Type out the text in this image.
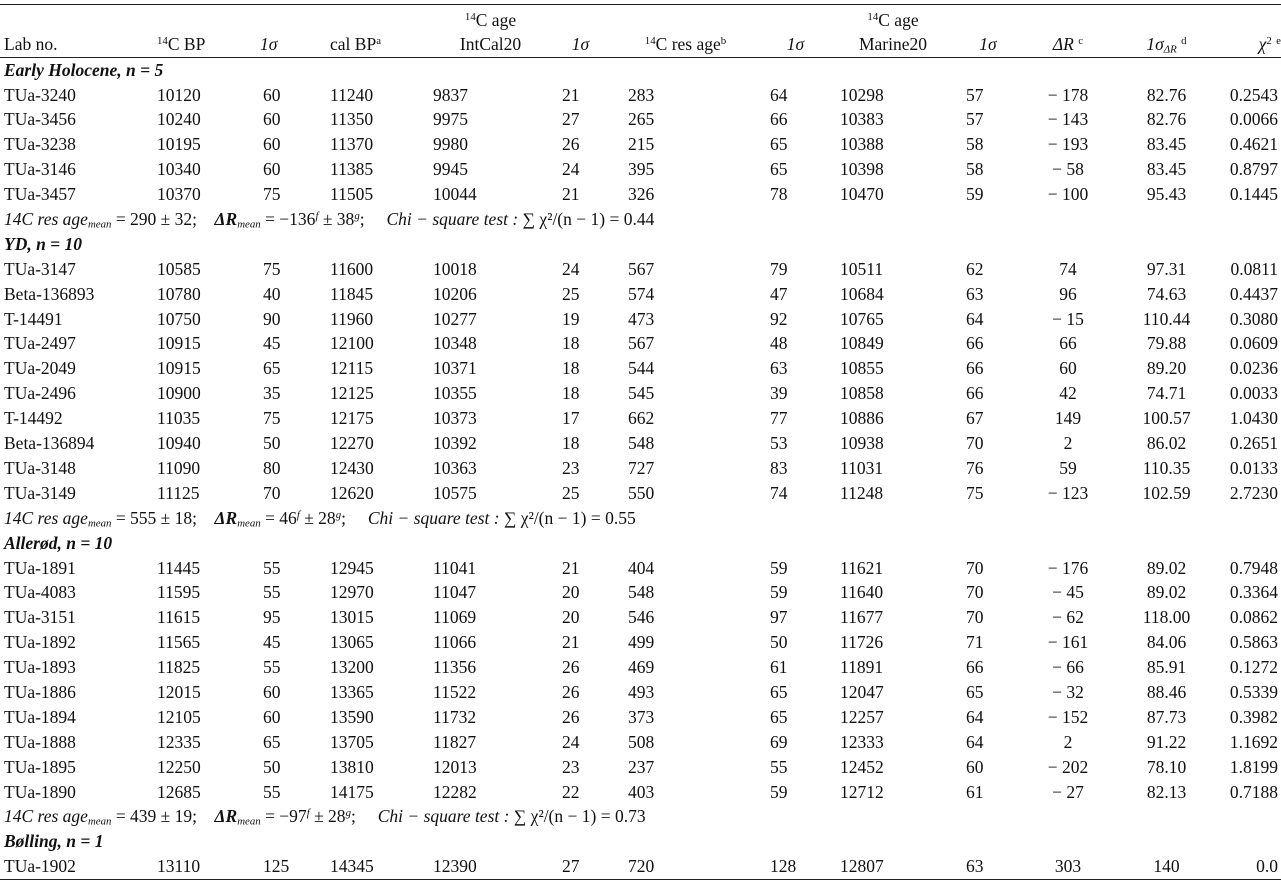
				$^{14}$C age				$^{14}$C age				
Lab no.	$^{14}$C BP	1σ	cal $BP^a$	IntCal20	1σ	$^{14}$C res age$^b$	1σ	Marine20	1σ	ΔR $^c$	$1\sigma_{\Delta R}$ $^d$	$\chi^2$ $^e$
Early Holocene, n = 5												
TUa-3240	10120	60	11240	9837	21	283	64	10298	57	− 178	82.76	0.2543
TUa-3456	10240	60	11350	9975	27	265	66	10383	57	− 143	82.76	0.0066
TUa-3238	10195	60	11370	9980	26	215	65	10388	58	− 193	83.45	0.4621
TUa-3146	10340	60	11385	9945	24	395	65	10398	58	− 58	83.45	0.8797
TUa-3457	10370	75	11505	10044	21	326	78	10470	59	− 100	95.43	0.1445
14C res age$_{mean}$ = 290 ± 32; $\Delta R_{mean} = -136^f \pm 38^g$;     Chi − square test : ∑ χ²/(n − 1) = 0.44												
YD, n = 10												
TUa-3147	10585	75	11600	10018	24	567	79	10511	62	74	97.31	0.0811
Beta-136893	10780	40	11845	10206	25	574	47	10684	63	96	74.63	0.4437
T-14491	10750	90	11960	10277	19	473	92	10765	64	− 15	110.44	0.3080
TUa-2497	10915	45	12100	10348	18	567	48	10849	66	66	79.88	0.0609
TUa-2049	10915	65	12115	10371	18	544	63	10855	66	60	89.20	0.0236
TUa-2496	10900	35	12125	10355	18	545	39	10858	66	42	74.71	0.0033
T-14492	11035	75	12175	10373	17	662	77	10886	67	149	100.57	1.0430
Beta-136894	10940	50	12270	10392	18	548	53	10938	70	2	86.02	0.2651
TUa-3148	11090	80	12430	10363	23	727	83	11031	76	59	110.35	0.0133
TUa-3149	11125	70	12620	10575	25	550	74	11248	75	− 123	102.59	2.7230
14C res age$_{mean}$ = 555 ± 18; $\Delta R_{mean} = 46^f \pm 28^g$;     Chi − square test : ∑ χ²/(n − 1) = 0.55												
Allerød, n = 10												
TUa-1891	11445	55	12945	11041	21	404	59	11621	70	− 176	89.02	0.7948
TUa-4083	11595	55	12970	11047	20	548	59	11640	70	− 45	89.02	0.3364
TUa-3151	11615	95	13015	11069	20	546	97	11677	70	− 62	118.00	0.0862
TUa-1892	11565	45	13065	11066	21	499	50	11726	71	− 161	84.06	0.5863
TUa-1893	11825	55	13200	11356	26	469	61	11891	66	− 66	85.91	0.1272
TUa-1886	12015	60	13365	11522	26	493	65	12047	65	− 32	88.46	0.5339
TUa-1894	12105	60	13590	11732	26	373	65	12257	64	− 152	87.73	0.3982
TUa-1888	12335	65	13705	11827	24	508	69	12333	64	2	91.22	1.1692
TUa-1895	12250	50	13810	12013	23	237	55	12452	60	− 202	78.10	1.8199
TUa-1890	12685	55	14175	12282	22	403	59	12712	61	− 27	82.13	0.7188
14C res age$_{mean}$ = 439 ± 19; $\Delta R_{mean} = -97^f \pm 28^g$;     Chi − square test : ∑ χ²/(n − 1) = 0.73												
Bølling, n = 1												
TUa-1902	13110	125	14345	12390	27	720	128	12807	63	303	140	0.0
